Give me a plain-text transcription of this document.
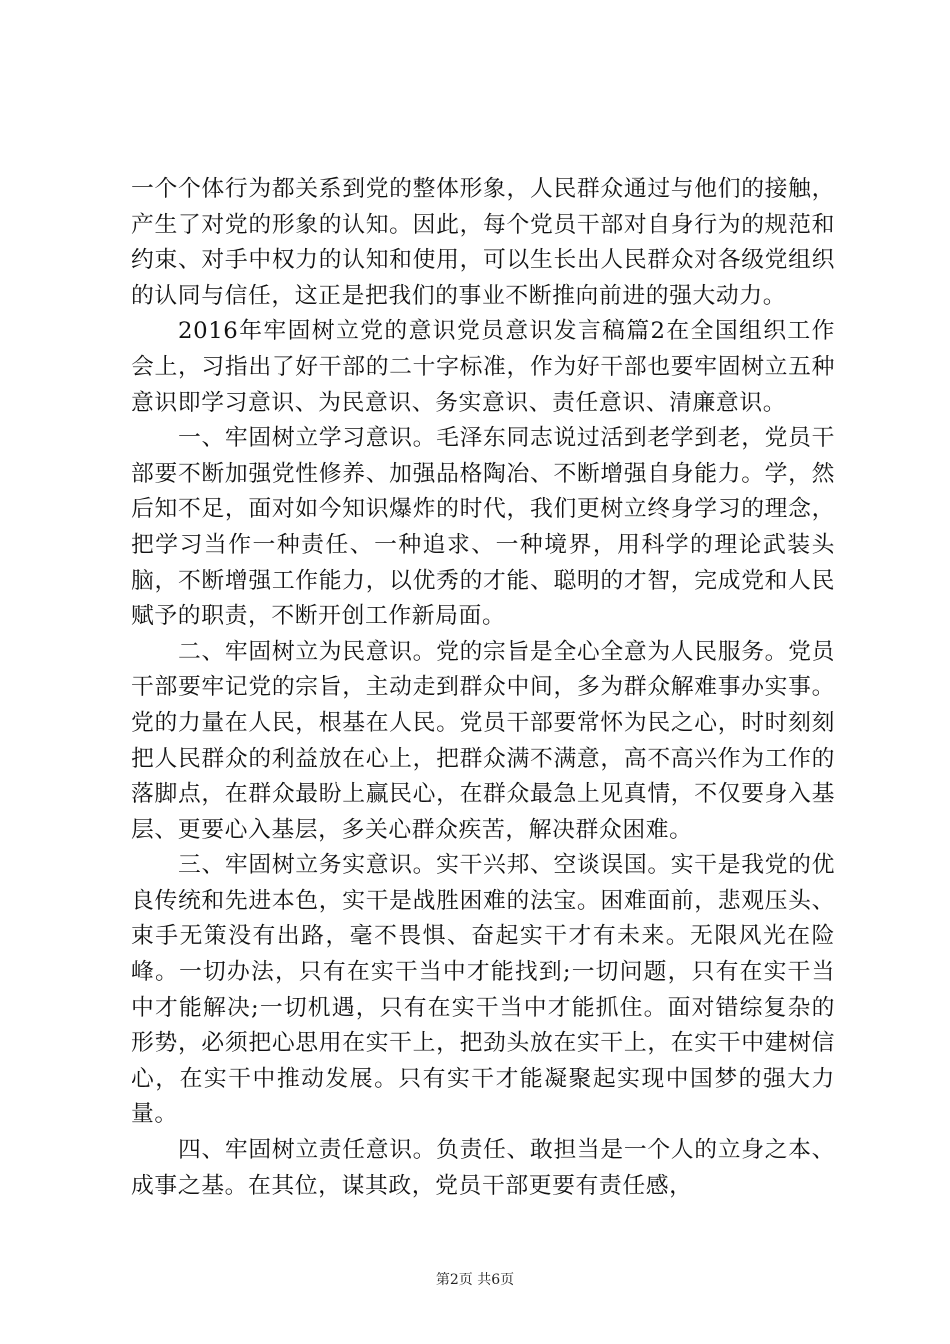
一个个体行为都关系到党的整体形象，人民群众通过与他们的接触，产生了对党的形象的认知。因此，每个党员干部对自身行为的规范和约束、对手中权力的认知和使用，可以生长出人民群众对各级党组织的认同与信任，这正是把我们的事业不断推向前进的强大动力。

2016年牢固树立党的意识党员意识发言稿篇2在全国组织工作会上，习指出了好干部的二十字标准，作为好干部也要牢固树立五种意识即学习意识、为民意识、务实意识、责任意识、清廉意识。

一、牢固树立学习意识。毛泽东同志说过活到老学到老，党员干部要不断加强党性修养、加强品格陶冶、不断增强自身能力。学，然后知不足，面对如今知识爆炸的时代，我们更树立终身学习的理念，把学习当作一种责任、一种追求、一种境界，用科学的理论武装头脑，不断增强工作能力，以优秀的才能、聪明的才智，完成党和人民赋予的职责，不断开创工作新局面。

二、牢固树立为民意识。党的宗旨是全心全意为人民服务。党员干部要牢记党的宗旨，主动走到群众中间，多为群众解难事办实事。党的力量在人民，根基在人民。党员干部要常怀为民之心，时时刻刻把人民群众的利益放在心上，把群众满不满意，高不高兴作为工作的落脚点，在群众最盼上赢民心，在群众最急上见真情，不仅要身入基层、更要心入基层，多关心群众疾苦，解决群众困难。

三、牢固树立务实意识。实干兴邦、空谈误国。实干是我党的优良传统和先进本色，实干是战胜困难的法宝。困难面前，悲观压头、束手无策没有出路，毫不畏惧、奋起实干才有未来。无限风光在险峰。一切办法，只有在实干当中才能找到;一切问题，只有在实干当中才能解决;一切机遇，只有在实干当中才能抓住。面对错综复杂的形势，必须把心思用在实干上，把劲头放在实干上，在实干中建树信心，在实干中推动发展。只有实干才能凝聚起实现中国梦的强大力量。

四、牢固树立责任意识。负责任、敢担当是一个人的立身之本、成事之基。在其位，谋其政，党员干部更要有责任感，

第2页 共6页
